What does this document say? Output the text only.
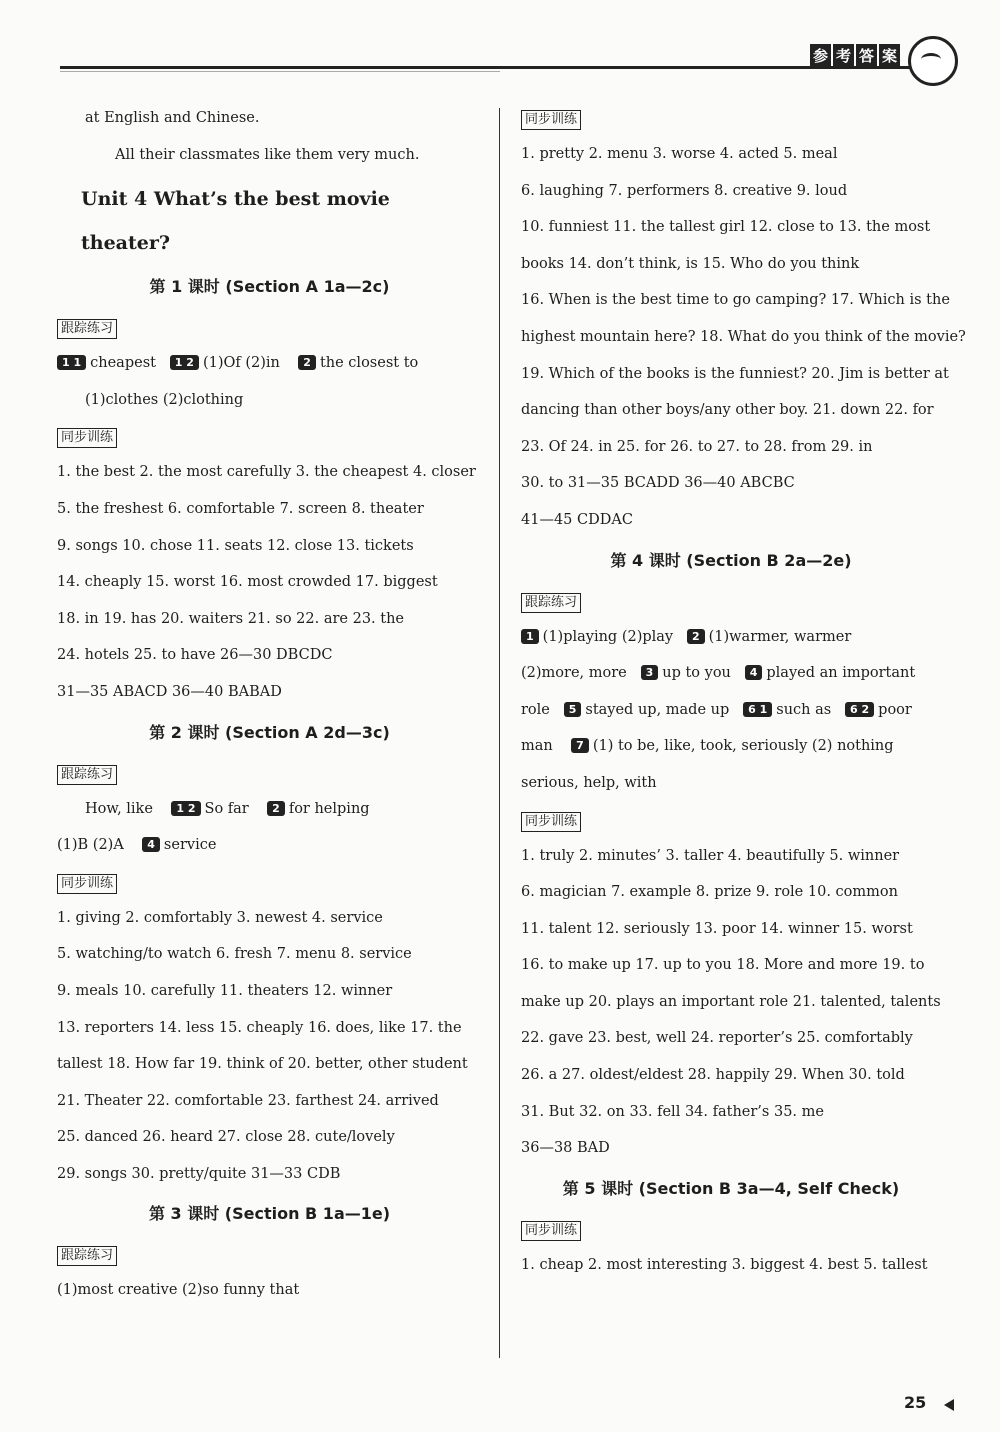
参 考 答 案
at English and Chinese.
All their classmates like them very much.
Unit 4 What’s the best movie theater?
第 1 课时 (Section A 1a—2c)
跟踪练习
1 1 cheapest 1 2 (1)Of (2)in 2 the closest to
(1)clothes (2)clothing
同步训练
1. the best 2. the most carefully 3. the cheapest 4. closer
5. the freshest 6. comfortable 7. screen 8. theater
9. songs 10. chose 11. seats 12. close 13. tickets
14. cheaply 15. worst 16. most crowded 17. biggest
18. in 19. has 20. waiters 21. so 22. are 23. the
24. hotels 25. to have 26—30 DBCDC
31—35 ABACD 36—40 BABAD
第 2 课时 (Section A 2d—3c)
跟踪练习
How, like 1 2 So far 2 for helping
(1)B (2)A 4 service
同步训练
1. giving 2. comfortably 3. newest 4. service
5. watching/to watch 6. fresh 7. menu 8. service
9. meals 10. carefully 11. theaters 12. winner
13. reporters 14. less 15. cheaply 16. does, like 17. the
tallest 18. How far 19. think of 20. better, other student
21. Theater 22. comfortable 23. farthest 24. arrived
25. danced 26. heard 27. close 28. cute/lovely
29. songs 30. pretty/quite 31—33 CDB
第 3 课时 (Section B 1a—1e)
跟踪练习
(1)most creative (2)so funny that
同步训练
1. pretty 2. menu 3. worse 4. acted 5. meal
6. laughing 7. performers 8. creative 9. loud
10. funniest 11. the tallest girl 12. close to 13. the most
books 14. don’t think, is 15. Who do you think
16. When is the best time to go camping? 17. Which is the
highest mountain here? 18. What do you think of the movie?
19. Which of the books is the funniest? 20. Jim is better at
dancing than other boys/any other boy. 21. down 22. for
23. Of 24. in 25. for 26. to 27. to 28. from 29. in
30. to 31—35 BCADD 36—40 ABCBC
41—45 CDDAC
第 4 课时 (Section B 2a—2e)
跟踪练习
1 (1)playing (2)play 2 (1)warmer, warmer
(2)more, more 3 up to you 4 played an important
role 5 stayed up, made up 6 1 such as 6 2 poor
man 7 (1) to be, like, took, seriously (2) nothing
serious, help, with
同步训练
1. truly 2. minutes’ 3. taller 4. beautifully 5. winner
6. magician 7. example 8. prize 9. role 10. common
11. talent 12. seriously 13. poor 14. winner 15. worst
16. to make up 17. up to you 18. More and more 19. to
make up 20. plays an important role 21. talented, talents
22. gave 23. best, well 24. reporter’s 25. comfortably
26. a 27. oldest/eldest 28. happily 29. When 30. told
31. But 32. on 33. fell 34. father’s 35. me
36—38 BAD
第 5 课时 (Section B 3a—4, Self Check)
同步训练
1. cheap 2. most interesting 3. biggest 4. best 5. tallest
25
